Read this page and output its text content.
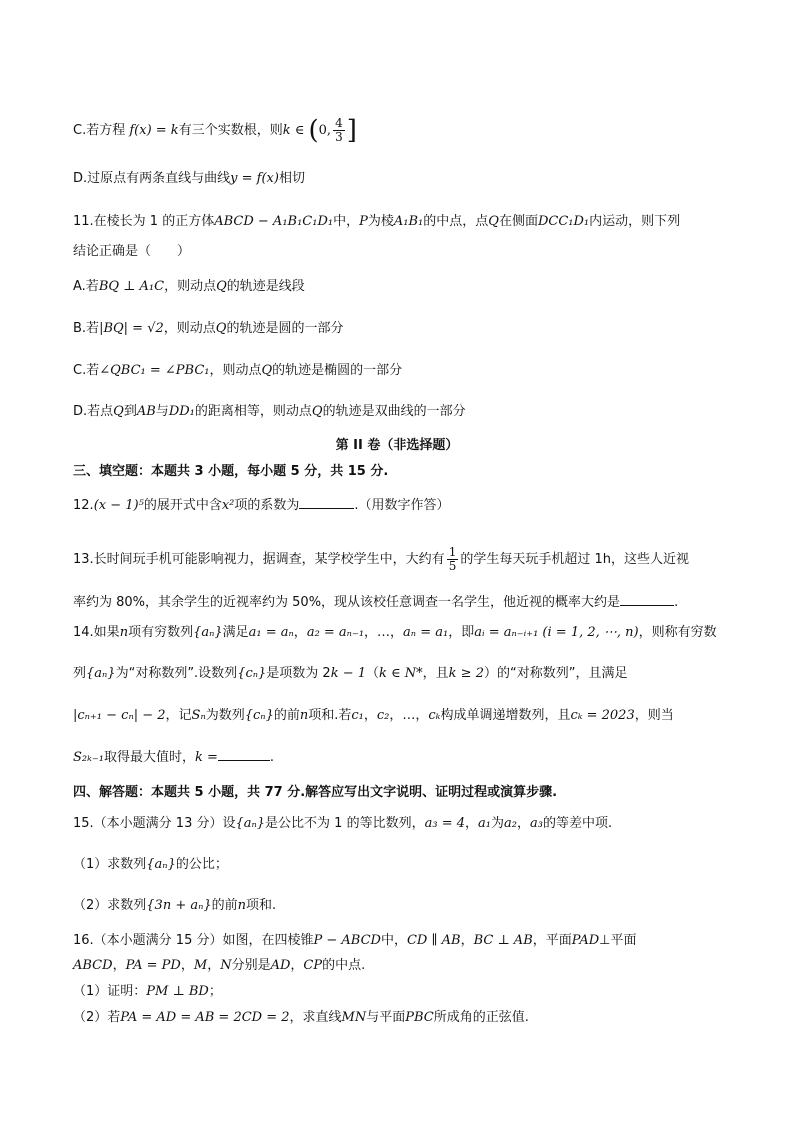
C.若方程 f(x) = k有三个实数根，则k ∈ (0, $\frac{4}{3}$ ]
D.过原点有两条直线与曲线y = f(x)相切
11.在棱长为 1 的正方体ABCD − A₁B₁C₁D₁中，P为棱A₁B₁的中点，点Q在侧面DCC₁D₁内运动，则下列
结论正确是（　　）
A.若BQ ⊥ A₁C，则动点Q的轨迹是线段
B.若|BQ| = √2，则动点Q的轨迹是圆的一部分
C.若∠QBC₁ = ∠PBC₁，则动点Q的轨迹是椭圆的一部分
D.若点Q到AB与DD₁的距离相等，则动点Q的轨迹是双曲线的一部分
第 II 卷（非选择题）
三、填空题：本题共 3 小题，每小题 5 分，共 15 分.
12.(x − 1)⁵的展开式中含x²项的系数为	.（用数字作答）
13.长时间玩手机可能影响视力，据调查，某学校学生中，大约有 $\frac{1}{5}$ 的学生每天玩手机超过 1h，这些人近视
率约为 80%，其余学生的近视率约为 50%，现从该校任意调查一名学生，他近视的概率大约是	.
14.如果n项有穷数列{aₙ}满足a₁ = aₙ，a₂ = aₙ₋₁，…，aₙ = a₁，即aᵢ = aₙ₋ᵢ₊₁ (i = 1, 2, ⋯, n)，则称有穷数
列{aₙ}为“对称数列”.设数列{cₙ}是项数为 2k − 1（k ∈ N*，且k ≥ 2）的“对称数列”，且满足
|cₙ₊₁ − cₙ| − 2，记Sₙ为数列{cₙ}的前n项和.若c₁，c₂，…，cₖ构成单调递增数列，且cₖ = 2023，则当
S₂ₖ₋₁取得最大值时，k =	.
四、解答题：本题共 5 小题，共 77 分.解答应写出文字说明、证明过程或演算步骤.
15.（本小题满分 13 分）设{aₙ}是公比不为 1 的等比数列，a₃ = 4，a₁为a₂，a₃的等差中项.
（1）求数列{aₙ}的公比；
（2）求数列{3n + aₙ}的前n项和.
16.（本小题满分 15 分）如图，在四棱锥P − ABCD中，CD ∥ AB，BC ⊥ AB，平面PAD⊥平面
ABCD，PA = PD，M，N分别是AD，CP的中点.
（1）证明：PM ⊥ BD；
（2）若PA = AD = AB = 2CD = 2，求直线MN与平面PBC所成角的正弦值.
